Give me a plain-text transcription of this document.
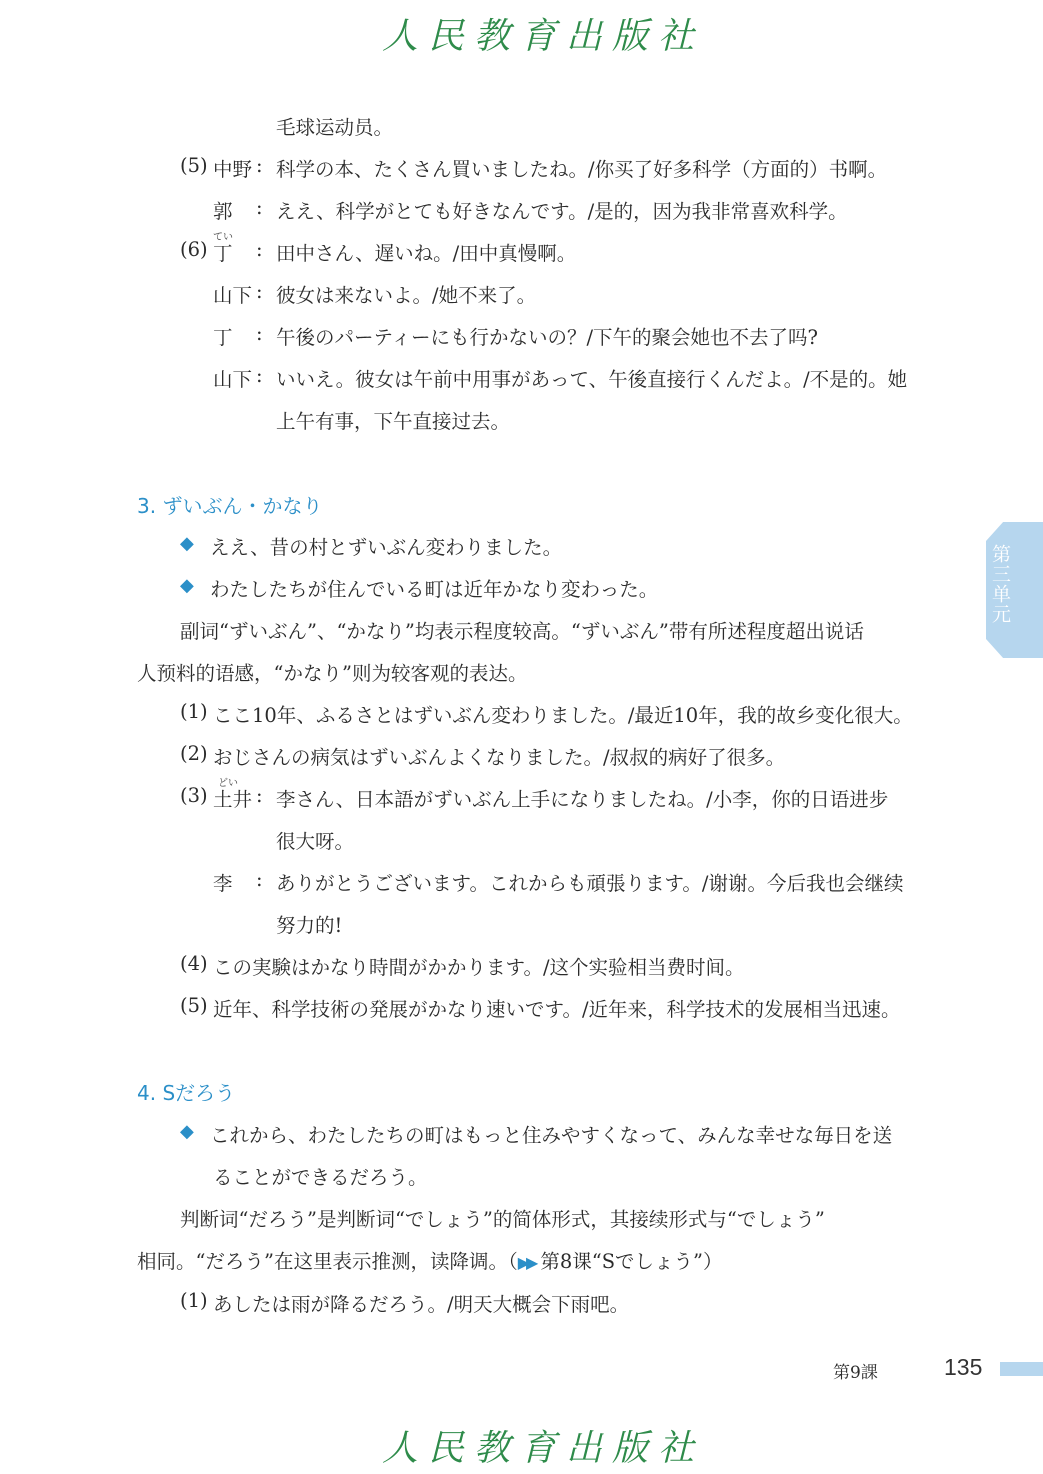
人民教育出版社
毛球运动员。
(5) 中野 : 科学の本、たくさん買いましたね。/你买了好多科学（方面的）书啊。
郭 : ええ、科学がとても好きなんです。/是的，因为我非常喜欢科学。
てい
(6) 丁 : 田中さん、遅いね。/田中真慢啊。
山下 : 彼女は来ないよ。/她不来了。
丁 : 午後のパーティーにも行かないの？/下午的聚会她也不去了吗?
山下 : いいえ。彼女は午前中用事があって、午後直接行くんだよ。/不是的。她
上午有事，下午直接过去。
3. ずいぶん・かなり
◆ ええ、昔の村とずいぶん変わりました。
◆ わたしたちが住んでいる町は近年かなり変わった。
副词“ずいぶん”、“かなり”均表示程度较高。“ずいぶん”带有所述程度超出说话
人预料的语感，“かなり”则为较客观的表达。
(1) ここ10年、ふるさとはずいぶん変わりました。/最近10年，我的故乡变化很大。
(2) おじさんの病気はずいぶんよくなりました。/叔叔的病好了很多。
どい
(3) 土井 : 李さん、日本語がずいぶん上手になりましたね。/小李，你的日语进步
很大呀。
李 : ありがとうございます。これからも頑張ります。/谢谢。今后我也会继续
努力的!
(4) この実験はかなり時間がかかります。/这个实验相当费时间。
(5) 近年、科学技術の発展がかなり速いです。/近年来，科学技术的发展相当迅速。
4. Sだろう
◆ これから、わたしたちの町はもっと住みやすくなって、みんな幸せな毎日を送
ることができるだろう。
判断词“だろう”是判断词“でしょう”的简体形式，其接续形式与“でしょう”
相同。“だろう”在这里表示推测，读降调。（▶▶ 第8课“Sでしょう”）
(1) あしたは雨が降るだろう。/明天大概会下雨吧。
第三单元
第9課	135
人民教育出版社
